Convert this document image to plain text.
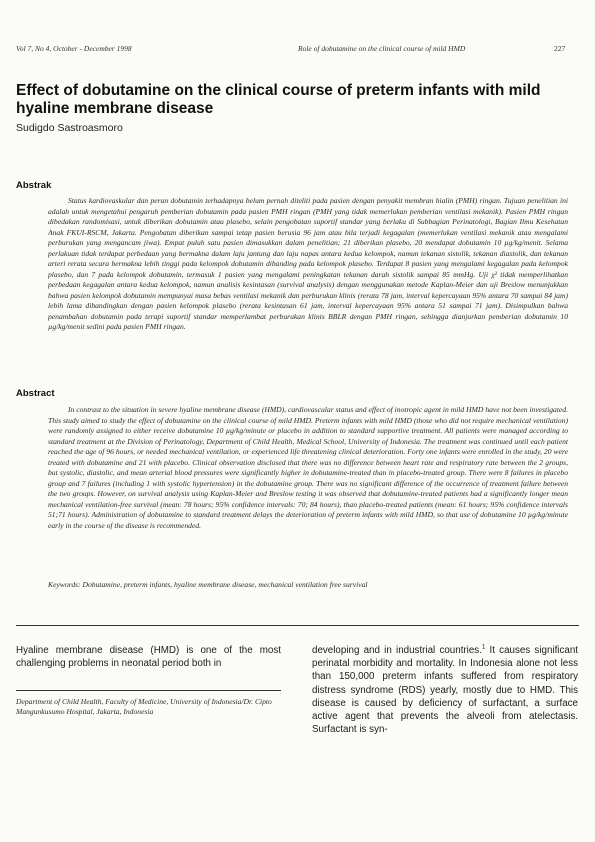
Vol 7, No 4, October - December 1998	Role of dobutamine on the clinical course of mild HMD	227
Effect of dobutamine on the clinical course of preterm infants with mild hyaline membrane disease
Sudigdo Sastroasmoro
Abstrak
Status kardiovaskular dan peran dobutamin terhadapnya belum pernah diteliti pada pasien dengan penyakit membran hialin (PMH) ringan. Tujuan penelitian ini adalah untuk mengetahui pengaruh pemberian dobutamin pada pasien PMH ringan (PMH yang tidak memerlukan pemberian ventilasi mekanik). Pasien PMH ringan dibedakan randomisasi, untuk diberikan dobutamin atau plasebo, selain pengobatan suportif standar yang berlaku di Subbagian Perinatologi, Bagian Ilmu Kesehatan Anak FKUI-RSCM, Jakarta. Pengobatan diberikan sampai tetap pasien berusia 96 jam atau bila terjadi kegagalan (memerlukan ventilasi mekanik atau mengalami perburukan yang mengancam jiwa). Empat puluh satu pasien dimasukkan dalam penelitian; 21 diberikan plasebo, 20 mendapat dobutamin 10 µg/kg/menit. Selama perlakuan tidak terdapat perbedaan yang bermakna dalam laju jantung dan laju napas antara kedua kelompok, namun tekanan sistolik, tekanan diastolik, dan tekanan arteri rerata secara bermakna lebih tinggi pada kelompok dobutamin dibanding pada kelompok plasebo. Terdapat 8 pasien yang mengalami kegagalan pada kelompok plasebo, dan 7 pada kelompok dobutamin, termasuk 1 pasien yang mengalami peningkatan tekanan darah sistolik sampai 85 mmHg. Uji χ² tidak memperlihatkan perbedaan kegagalan antara kedua kelompok, namun analisis kesintasan (survival analysis) dengan menggunakan metode Kaplan-Meier dan uji Breslow menunjukkan bahwa pasien kelompok dobutamin mempunyai masa bebas ventilasi mekanik dan perburukan klinis (rerata 78 jam, interval kepercayaan 95% antara 70 sampai 84 jam) lebih lama dibandingkan dengan pasien kelompok plasebo (rerata kesintasan 61 jam, interval kepercayaan 95% antara 51 sampai 71 jam). Disimpulkan bahwa penambahan dobutamin pada terapi suportif standar memperlambat perburukan klinis BBLR dengan PMH ringan, sehingga dianjurkan pemberian dobutamin 10 µg/kg/menit sedini pada pasien PMH ringan.
Abstract
In contrast to the situation in severe hyaline membrane disease (HMD), cardiovascular status and effect of inotropic agent in mild HMD have not been investigated. This study aimed to study the effect of dobutamine on the clinical course of mild HMD. Preterm infants with mild HMD (those who did not require mechanical ventilation) were randomly assigned to either receive dobutamine 10 µg/kg/minute or placebo in addition to standard supportive treatment. All patients were managed according to standard treatment at the Division of Perinatology, Department of Child Health, Medical School, University of Indonesia. The treatment was continued until each patient reached the age of 96 hours, or needed mechanical ventilation, or experienced life threatening clinical deterioration. Forty one infants were enrolled in the study, 20 were treated with dobutamine and 21 with placebo. Clinical observation disclosed that there was no difference between heart rate and respiratory rate between the 2 groups, but systolic, diastolic, and mean arterial blood pressures were significantly higher in dobutamine-treated than in placebo-treated group. There were 8 failures in placebo group and 7 failures (including 1 with systolic hypertension) in the dobutamine group. There was no significant difference of the occurrence of treatment failure between the two groups. However, on survival analysis using Kaplan-Meier and Breslow testing it was observed that dobutamine-treated patients had a significantly longer mean mechanical ventilation-free survival (mean: 78 hours; 95% confidence intervals: 70; 84 hours), than placebo-treated patients (mean: 61 hours; 95% confidence intervals 51;71 hours). Administration of dobutamine to standard treatment delays the deterioration of preterm infants with mild HMD, so that use of dobutamine 10 µg/kg/minute early in the course of the disease is recommended.
Keywords: Dobutamine, preterm infants, hyaline membrane disease, mechanical ventilation free survival
Hyaline membrane disease (HMD) is one of the most challenging problems in neonatal period both in
developing and in industrial countries.$^1$ It causes significant perinatal morbidity and mortality. In Indonesia alone not less than 150,000 preterm infants suffered from respiratory distress syndrome (RDS) yearly, mostly due to HMD. This disease is caused by deficiency of surfactant, a surface active agent that prevents the alveoli from atelectasis. Surfactant is syn-
Department of Child Health, Faculty of Medicine, University of Indonesia/Dr. Cipto Mangunkusumo Hospital, Jakarta, Indonesia
